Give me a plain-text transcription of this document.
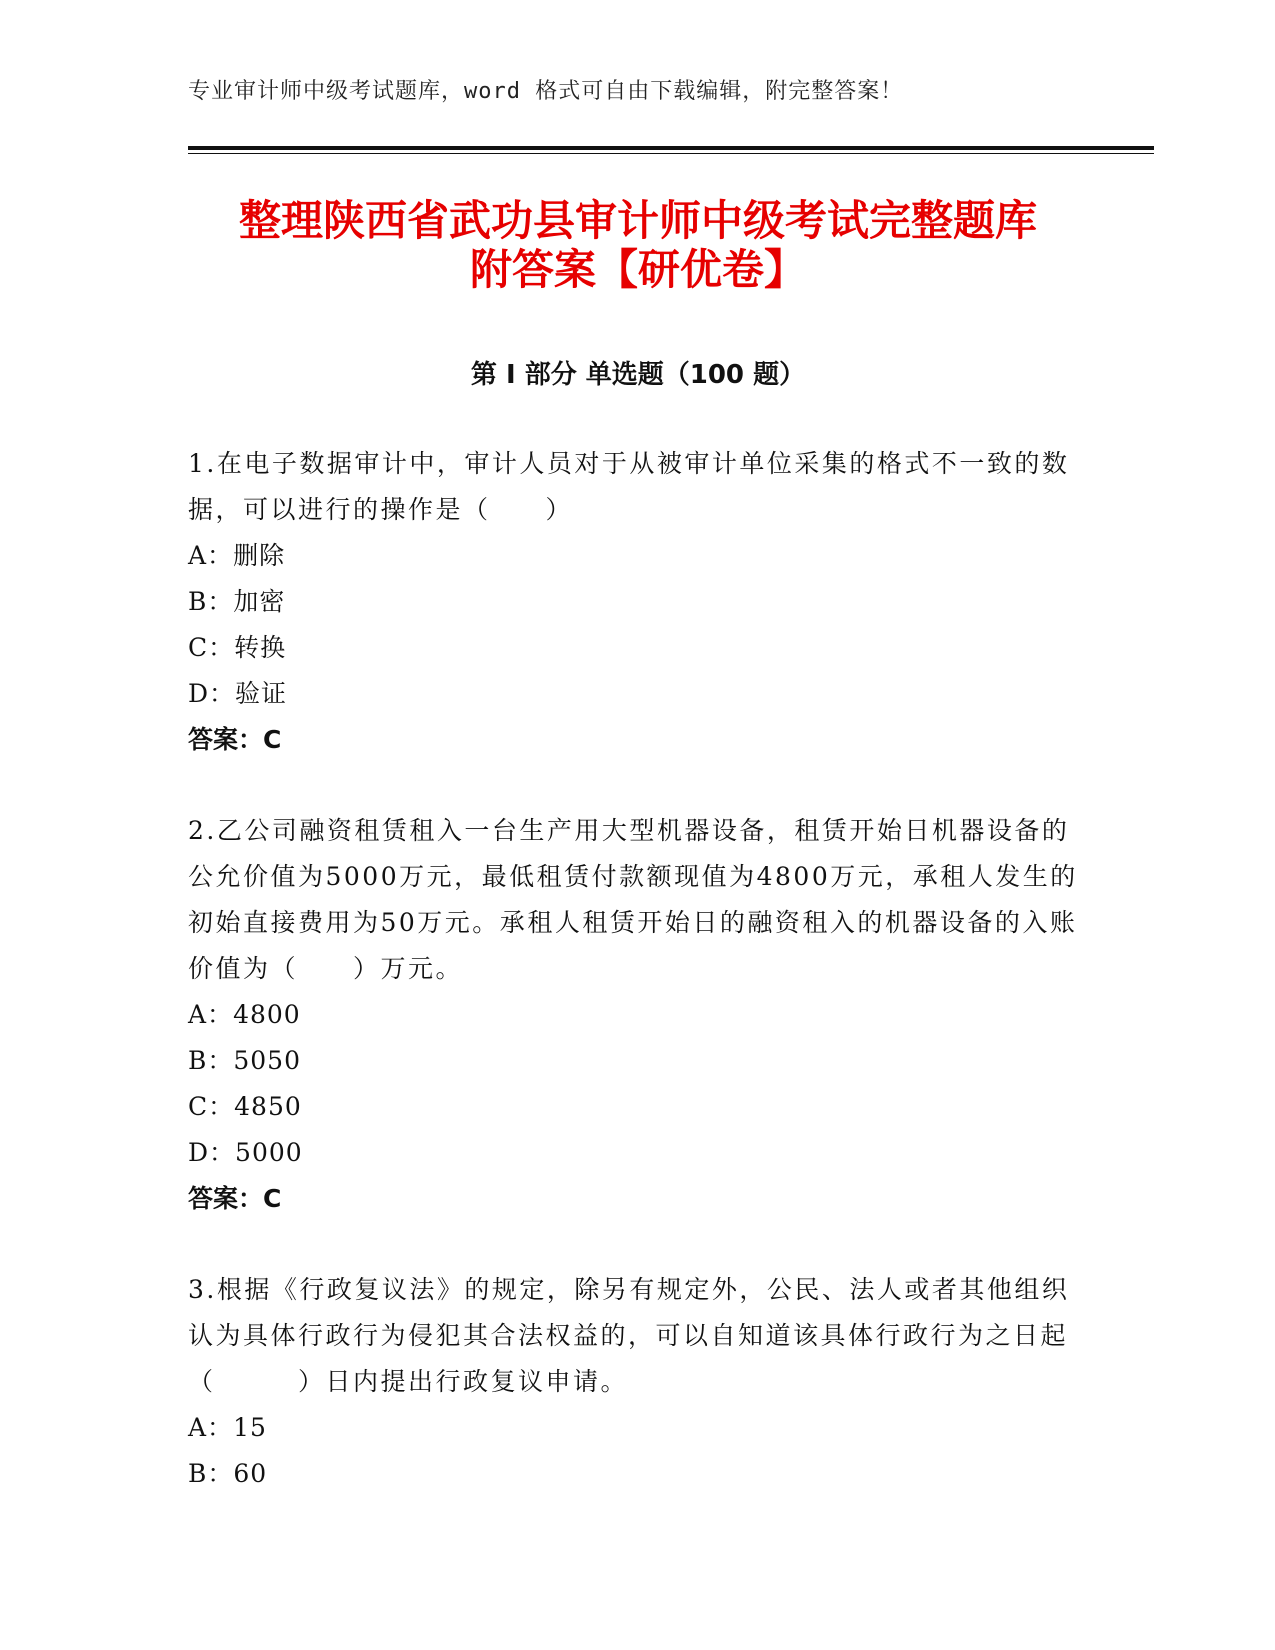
专业审计师中级考试题库，word 格式可自由下载编辑，附完整答案！
整理陕西省武功县审计师中级考试完整题库
附答案【研优卷】
第 I 部分 单选题（100 题）

1.在电子数据审计中，审计人员对于从被审计单位采集的格式不一致的数据，可以进行的操作是（　　）

A：删除

B：加密

C：转换

D：验证

答案：C

2.乙公司融资租赁租入一台生产用大型机器设备，租赁开始日机器设备的公允价值为5000万元，最低租赁付款额现值为4800万元，承租人发生的初始直接费用为50万元。承租人租赁开始日的融资租入的机器设备的入账价值为（　　）万元。

A：4800

B：5050

C：4850

D：5000

答案：C

3.根据《行政复议法》的规定，除另有规定外，公民、法人或者其他组织认为具体行政行为侵犯其合法权益的，可以自知道该具体行政行为之日起（　　　）日内提出行政复议申请。

A：15

B：60
